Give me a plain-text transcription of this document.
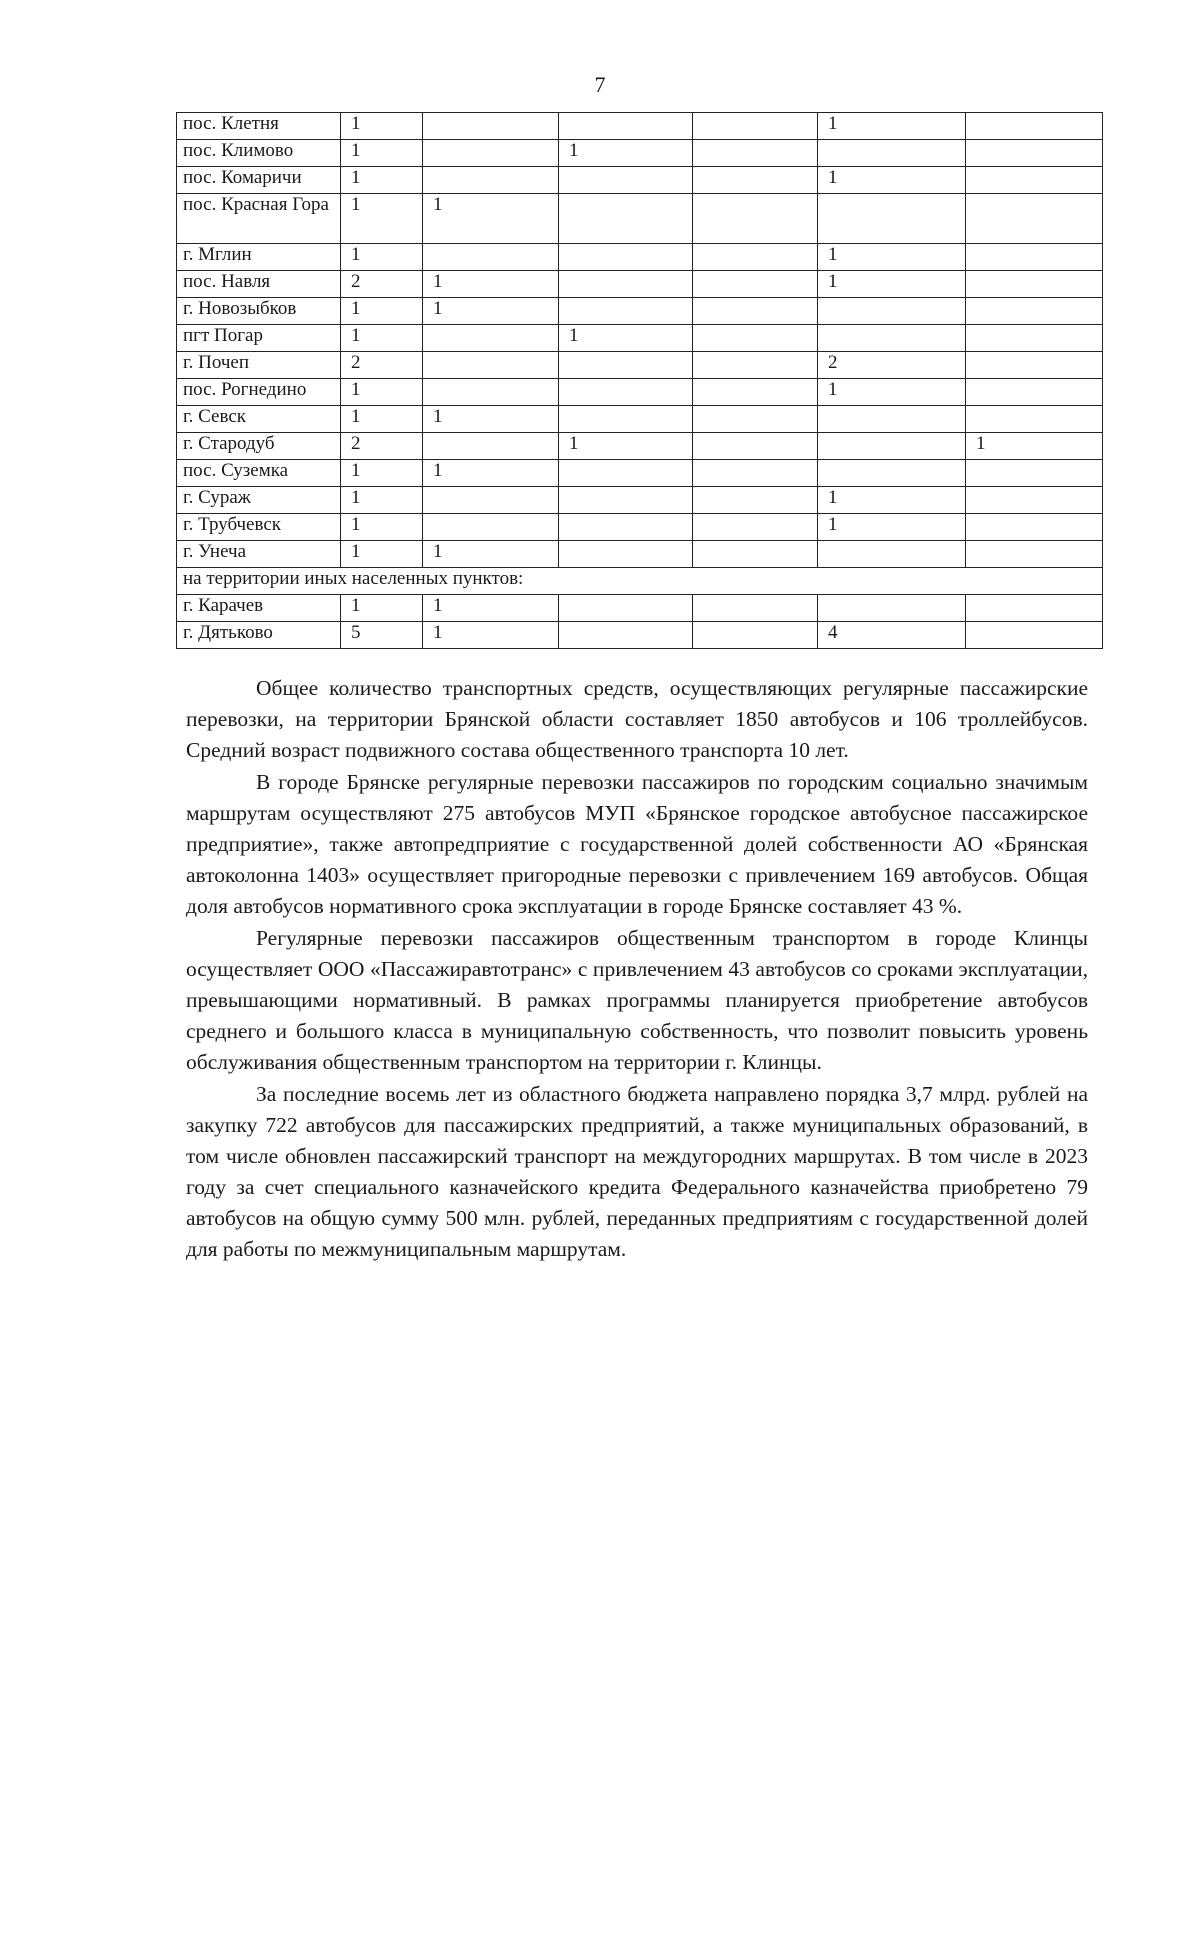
7
пос. Клетня	1				1	
пос. Климово	1		1			
пос. Комаричи	1				1	
пос. Красная Гора	1	1				
г. Мглин	1				1	
пос. Навля	2	1			1	
г. Новозыбков	1	1				
пгт Погар	1		1			
г. Почеп	2				2	
пос. Рогнедино	1				1	
г. Севск	1	1				
г. Стародуб	2		1			1
пос. Суземка	1	1				
г. Сураж	1				1	
г. Трубчевск	1				1	
г. Унеча	1	1				
на территории иных населенных пунктов:						
г. Карачев	1	1				
г. Дятьково	5	1			4	

Общее количество транспортных средств, осуществляющих регулярные пассажирские перевозки, на территории Брянской области составляет 1850 автобусов и 106 троллейбусов. Средний возраст подвижного состава общественного транспорта 10 лет.

В городе Брянске регулярные перевозки пассажиров по городским социально значимым маршрутам осуществляют 275 автобусов МУП «Брянское городское автобусное пассажирское предприятие», также автопредприятие с государственной долей собственности АО «Брянская автоколонна 1403» осуществляет пригородные перевозки с привлечением 169 автобусов. Общая доля автобусов нормативного срока эксплуатации в городе Брянске составляет 43 %.

Регулярные перевозки пассажиров общественным транспортом в городе Клинцы осуществляет ООО «Пассажиравтотранс» с привлечением 43 автобусов со сроками эксплуатации, превышающими нормативный. В рамках программы планируется приобретение автобусов среднего и большого класса в муниципальную собственность, что позволит повысить уровень обслуживания общественным транспортом на территории г. Клинцы.

За последние восемь лет из областного бюджета направлено порядка 3,7 млрд. рублей на закупку 722 автобусов для пассажирских предприятий, а также муниципальных образований, в том числе обновлен пассажирский транспорт на междугородних маршрутах. В том числе в 2023 году за счет специального казначейского кредита Федерального казначейства приобретено 79 автобусов на общую сумму 500 млн. рублей, переданных предприятиям с государственной долей для работы по межмуниципальным маршрутам.
